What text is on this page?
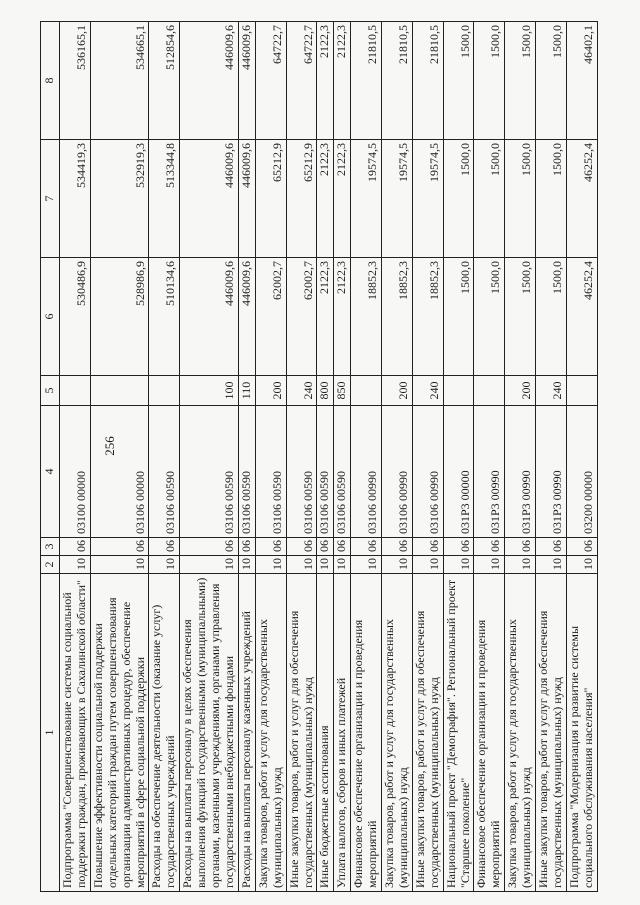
256
1	2	3	4	5	6	7	8
Подпрограмма "Совершенствование системы социальной поддержки граждан, проживающих в Сахалинской области"	10	06	03100 00000		530486,9	534419,3	536165,1
Повышение эффективности социальной поддержки отдельных категорий граждан путем совершенствования организации административных процедур, обеспечение мероприятий в сфере социальной поддержки	10	06	03106 00000		528986,9	532919,3	534665,1
Расходы на обеспечение деятельности (оказание услуг) государственных учреждений	10	06	03106 00590		510134,6	513344,8	512854,6
Расходы на выплаты персоналу в целях обеспечения выполнения функций государственными (муниципальными) органами, казенными учреждениями, органами управления государственными внебюджетными фондами	10	06	03106 00590	100	446009,6	446009,6	446009,6
Расходы на выплаты персоналу казенных учреждений	10	06	03106 00590	110	446009,6	446009,6	446009,6
Закупка товаров, работ и услуг для государственных (муниципальных) нужд	10	06	03106 00590	200	62002,7	65212,9	64722,7
Иные закупки товаров, работ и услуг для обеспечения государственных (муниципальных) нужд	10	06	03106 00590	240	62002,7	65212,9	64722,7
Иные бюджетные ассигнования	10	06	03106 00590	800	2122,3	2122,3	2122,3
Уплата налогов, сборов и иных платежей	10	06	03106 00590	850	2122,3	2122,3	2122,3
Финансовое обеспечение организации и проведения мероприятий	10	06	03106 00990		18852,3	19574,5	21810,5
Закупка товаров, работ и услуг для государственных (муниципальных) нужд	10	06	03106 00990	200	18852,3	19574,5	21810,5
Иные закупки товаров, работ и услуг для обеспечения государственных (муниципальных) нужд	10	06	03106 00990	240	18852,3	19574,5	21810,5
Национальный проект "Демография". Региональный проект "Старшее поколение"	10	06	031P3 00000		1500,0	1500,0	1500,0
Финансовое обеспечение организации и проведения мероприятий	10	06	031P3 00990		1500,0	1500,0	1500,0
Закупка товаров, работ и услуг для государственных (муниципальных) нужд	10	06	031P3 00990	200	1500,0	1500,0	1500,0
Иные закупки товаров, работ и услуг для обеспечения государственных (муниципальных) нужд	10	06	031P3 00990	240	1500,0	1500,0	1500,0
Подпрограмма "Модернизация и развитие системы социального обслуживания населения"	10	06	03200 00000		46252,4	46252,4	46402,1
